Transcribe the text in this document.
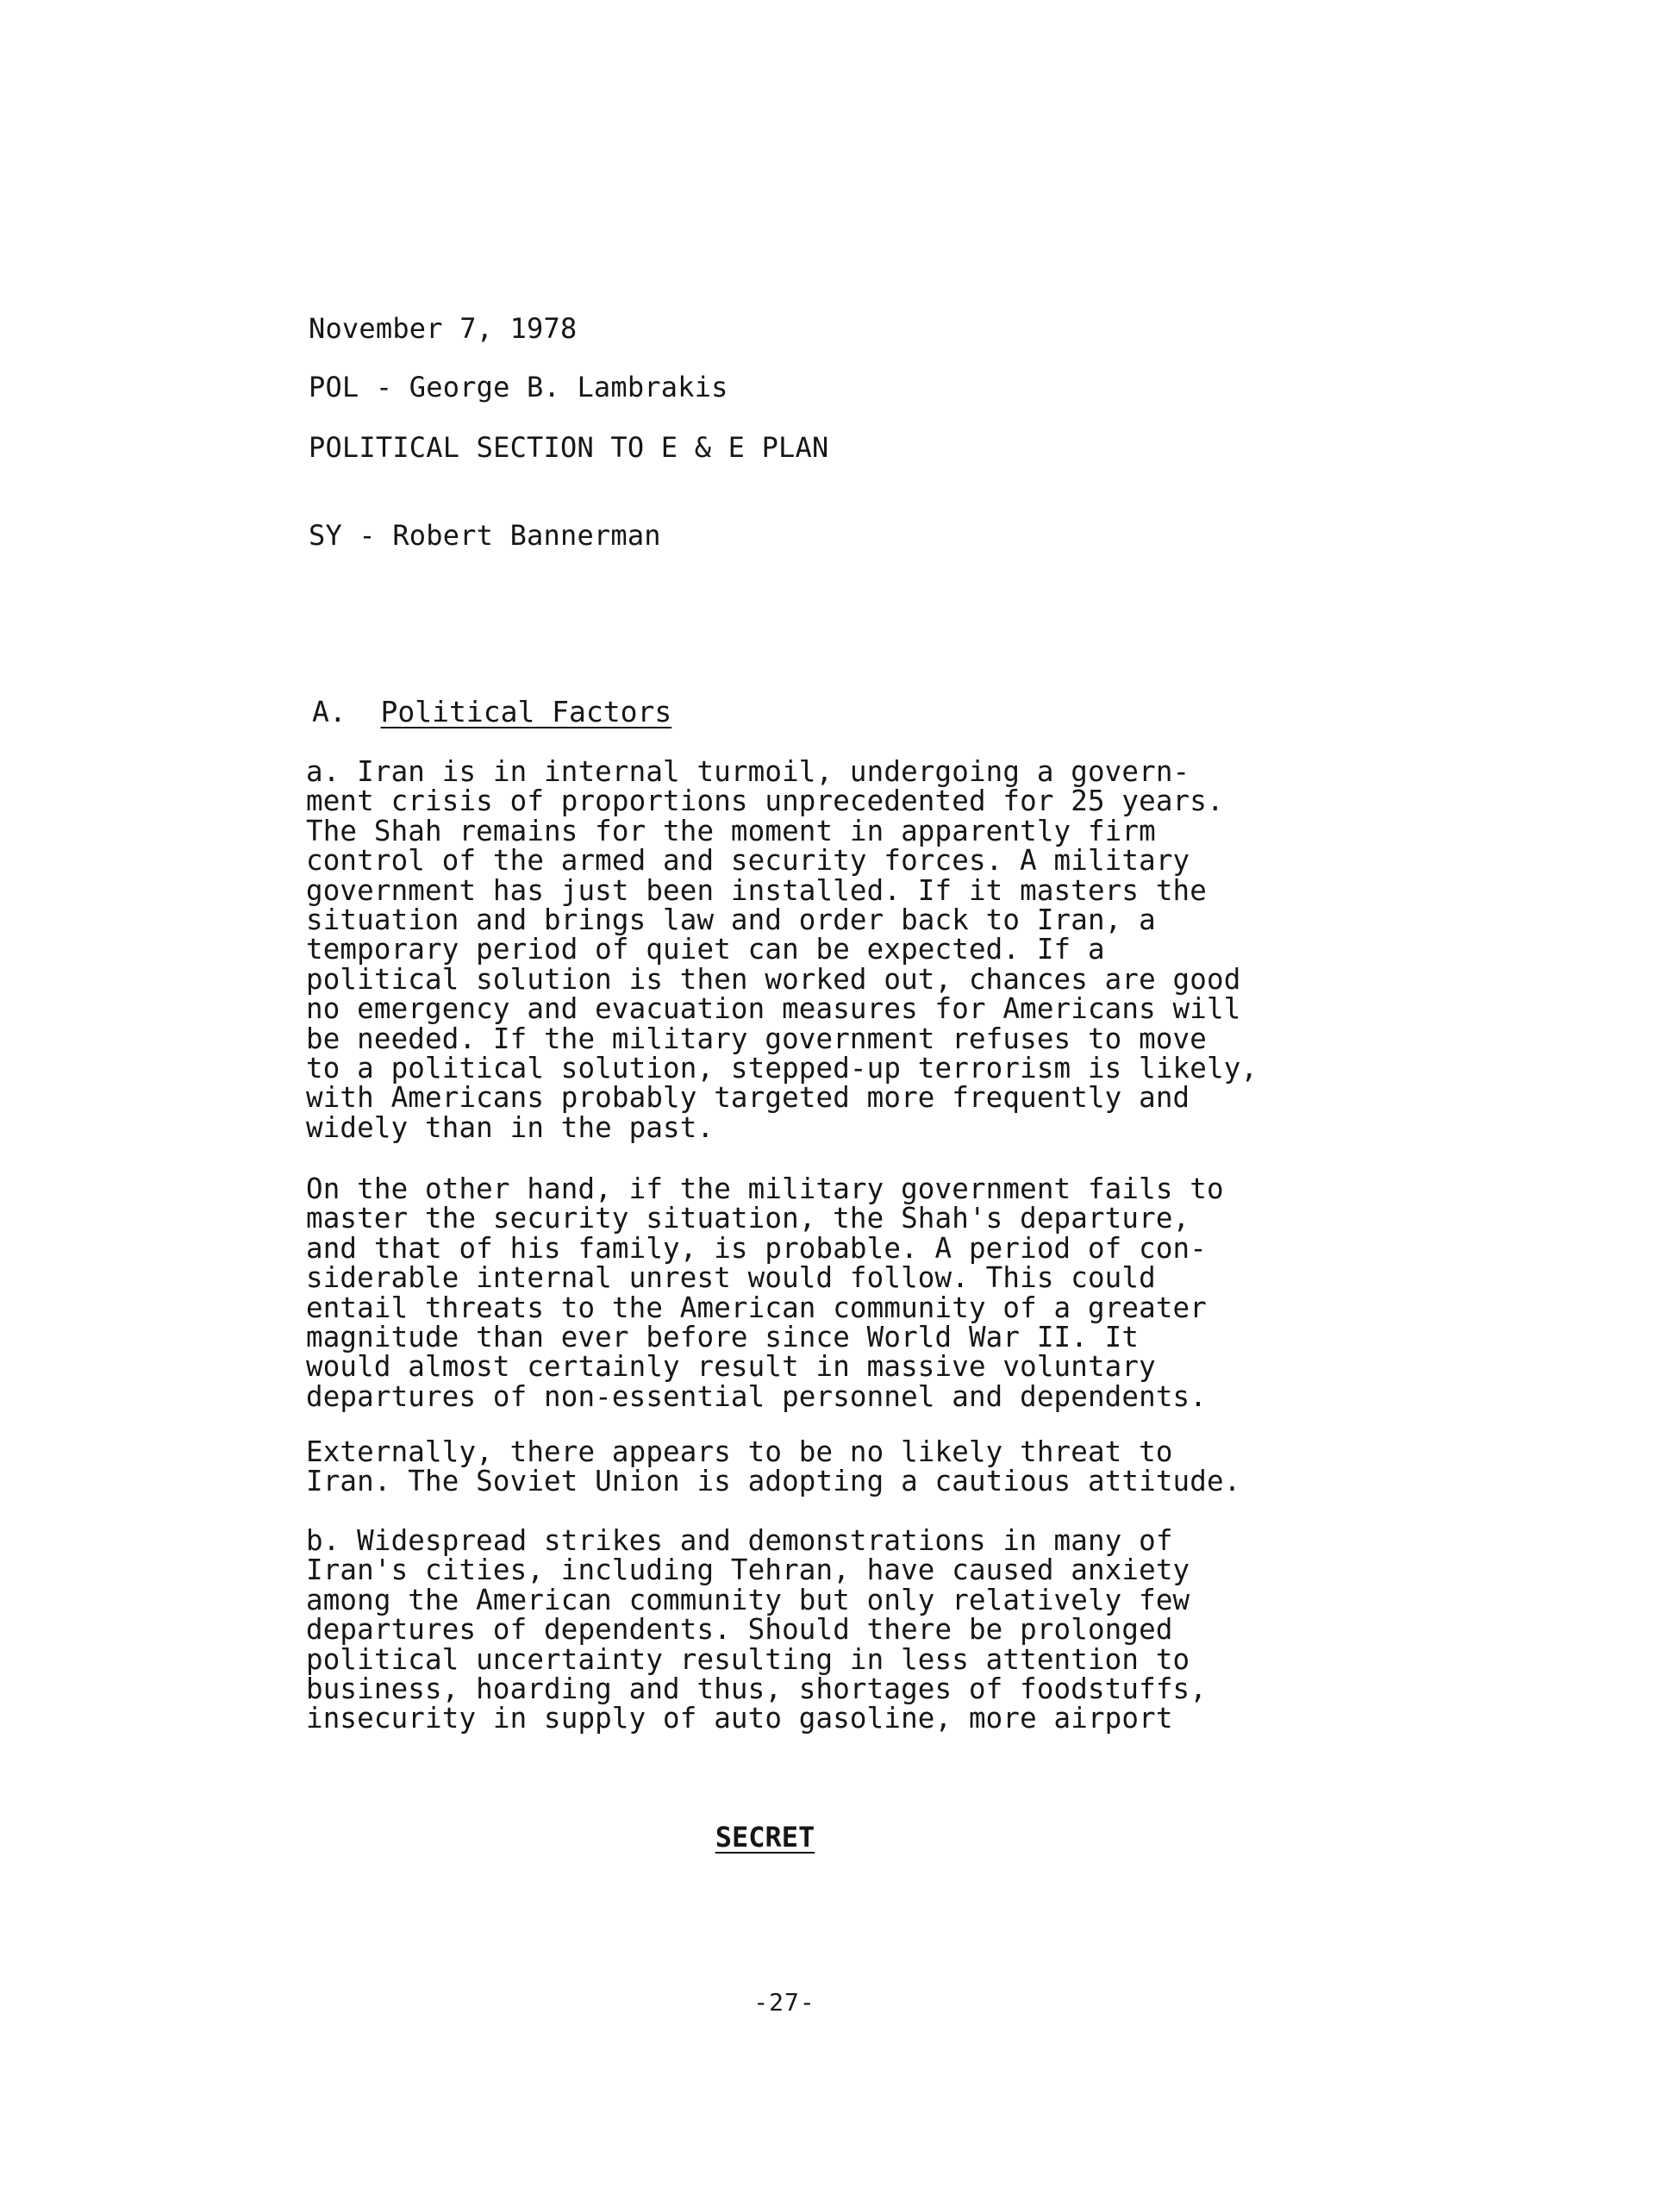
November 7, 1978
POL - George B. Lambrakis
POLITICAL SECTION TO E & E PLAN
SY - Robert Bannerman
A. Political Factors

a. Iran is in internal turmoil, undergoing a govern-
ment crisis of proportions unprecedented for 25 years.
The Shah remains for the moment in apparently firm
control of the armed and security forces. A military
government has just been installed. If it masters the
situation and brings law and order back to Iran, a
temporary period of quiet can be expected. If a
political solution is then worked out, chances are good
no emergency and evacuation measures for Americans will
be needed. If the military government refuses to move
to a political solution, stepped-up terrorism is likely,
with Americans probably targeted more frequently and
widely than in the past.

On the other hand, if the military government fails to
master the security situation, the Shah's departure,
and that of his family, is probable. A period of con-
siderable internal unrest would follow. This could
entail threats to the American community of a greater
magnitude than ever before since World War II. It
would almost certainly result in massive voluntary
departures of non-essential personnel and dependents.

Externally, there appears to be no likely threat to
Iran. The Soviet Union is adopting a cautious attitude.

b. Widespread strikes and demonstrations in many of
Iran's cities, including Tehran, have caused anxiety
among the American community but only relatively few
departures of dependents. Should there be prolonged
political uncertainty resulting in less attention to
business, hoarding and thus, shortages of foodstuffs,
insecurity in supply of auto gasoline, more airport

SECRET
-27-
